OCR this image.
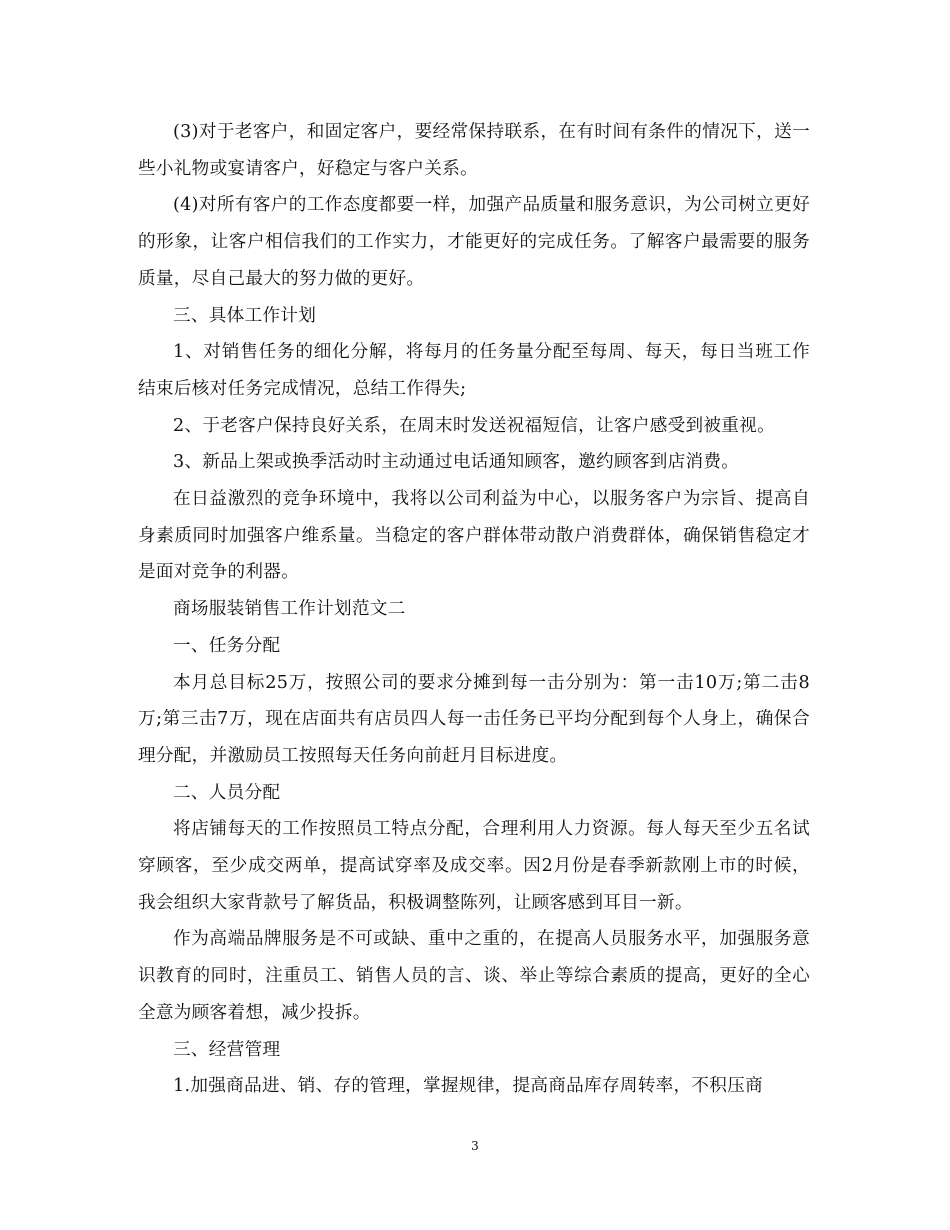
(3)对于老客户，和固定客户，要经常保持联系，在有时间有条件的情况下，送一些小礼物或宴请客户，好稳定与客户关系。

(4)对所有客户的工作态度都要一样，加强产品质量和服务意识，为公司树立更好的形象，让客户相信我们的工作实力，才能更好的完成任务。了解客户最需要的服务质量，尽自己最大的努力做的更好。

三、具体工作计划

1、对销售任务的细化分解，将每月的任务量分配至每周、每天，每日当班工作结束后核对任务完成情况，总结工作得失;

2、于老客户保持良好关系，在周末时发送祝福短信，让客户感受到被重视。

3、新品上架或换季活动时主动通过电话通知顾客，邀约顾客到店消费。

在日益激烈的竞争环境中，我将以公司利益为中心，以服务客户为宗旨、提高自身素质同时加强客户维系量。当稳定的客户群体带动散户消费群体，确保销售稳定才是面对竞争的利器。

商场服装销售工作计划范文二

一、任务分配

本月总目标25万，按照公司的要求分摊到每一击分别为：第一击10万;第二击8万;第三击7万，现在店面共有店员四人每一击任务已平均分配到每个人身上，确保合理分配，并激励员工按照每天任务向前赶月目标进度。

二、人员分配

将店铺每天的工作按照员工特点分配，合理利用人力资源。每人每天至少五名试穿顾客，至少成交两单，提高试穿率及成交率。因2月份是春季新款刚上市的时候，我会组织大家背款号了解货品，积极调整陈列，让顾客感到耳目一新。

作为高端品牌服务是不可或缺、重中之重的，在提高人员服务水平，加强服务意识教育的同时，注重员工、销售人员的言、谈、举止等综合素质的提高，更好的全心全意为顾客着想，减少投拆。

三、经营管理

1.加强商品进、销、存的管理，掌握规律，提高商品库存周转率，不积压商

3
